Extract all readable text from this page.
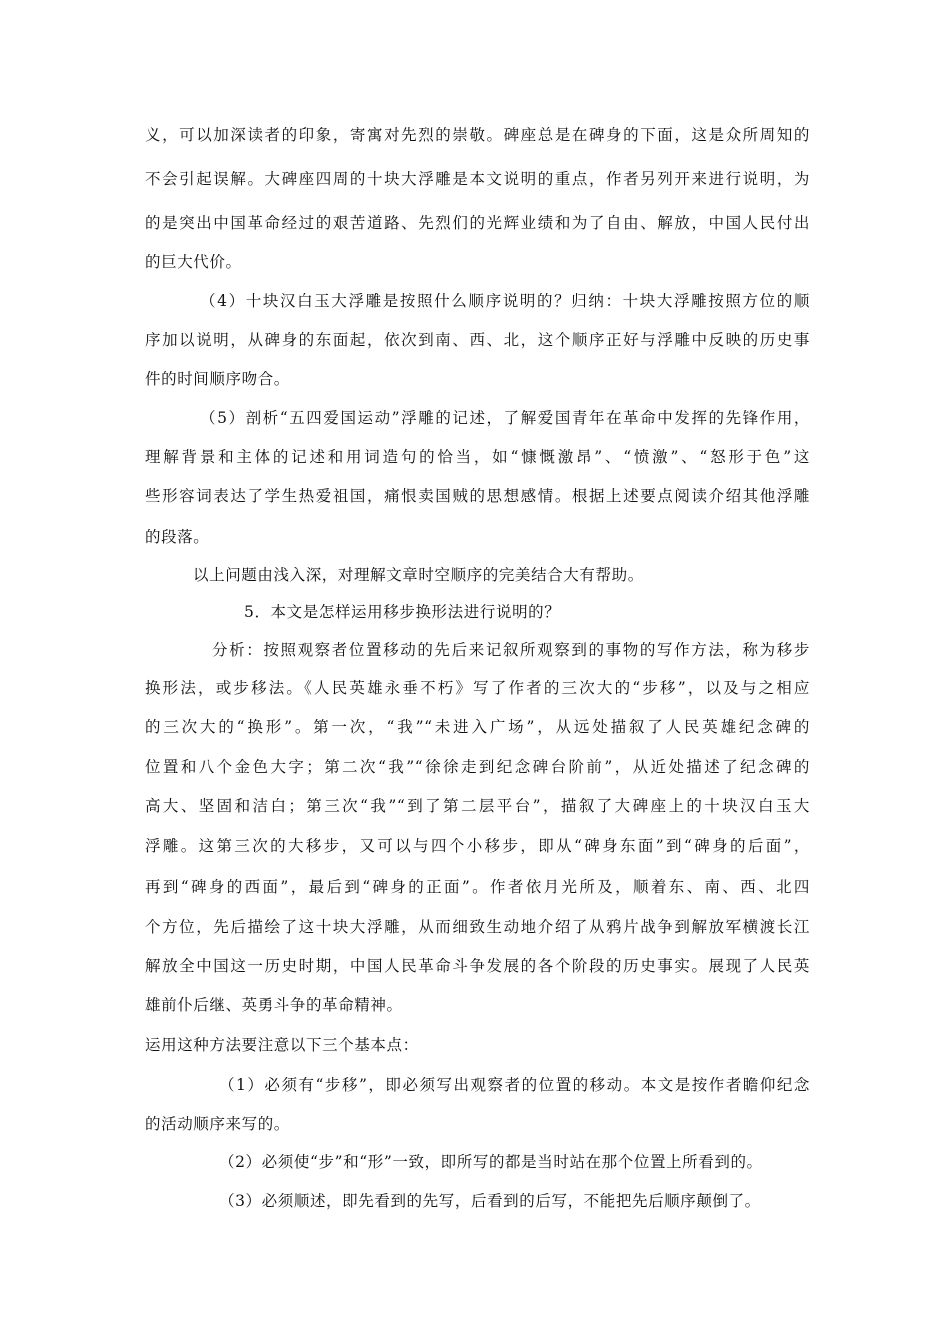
义，可以加深读者的印象，寄寓对先烈的崇敬。碑座总是在碑身的下面，这是众所周知的
不会引起误解。大碑座四周的十块大浮雕是本文说明的重点，作者另列开来进行说明，为
的是突出中国革命经过的艰苦道路、先烈们的光辉业绩和为了自由、解放，中国人民付出
的巨大代价。
（4）十块汉白玉大浮雕是按照什么顺序说明的？归纳：十块大浮雕按照方位的顺
序加以说明，从碑身的东面起，依次到南、西、北，这个顺序正好与浮雕中反映的历史事
件的时间顺序吻合。
（5）剖析“五四爱国运动”浮雕的记述，了解爱国青年在革命中发挥的先锋作用，
理解背景和主体的记述和用词造句的恰当，如“慷慨激昂”、“愤激”、“怒形于色”这
些形容词表达了学生热爱祖国，痛恨卖国贼的思想感情。根据上述要点阅读介绍其他浮雕
的段落。
以上问题由浅入深，对理解文章时空顺序的完美结合大有帮助。
5．本文是怎样运用移步换形法进行说明的？
分析：按照观察者位置移动的先后来记叙所观察到的事物的写作方法，称为移步
换形法，或步移法。《人民英雄永垂不朽》写了作者的三次大的“步移”，以及与之相应
的三次大的“换形”。第一次，“我”“未进入广场”，从远处描叙了人民英雄纪念碑的
位置和八个金色大字；第二次“我”“徐徐走到纪念碑台阶前”，从近处描述了纪念碑的
高大、坚固和洁白；第三次“我”“到了第二层平台”，描叙了大碑座上的十块汉白玉大
浮雕。这第三次的大移步，又可以与四个小移步，即从“碑身东面”到“碑身的后面”，
再到“碑身的西面”，最后到“碑身的正面”。作者依月光所及，顺着东、南、西、北四
个方位，先后描绘了这十块大浮雕，从而细致生动地介绍了从鸦片战争到解放军横渡长江
解放全中国这一历史时期，中国人民革命斗争发展的各个阶段的历史事实。展现了人民英
雄前仆后继、英勇斗争的革命精神。
运用这种方法要注意以下三个基本点：
（1）必须有“步移”，即必须写出观察者的位置的移动。本文是按作者瞻仰纪念
的活动顺序来写的。
（2）必须使“步”和“形”一致，即所写的都是当时站在那个位置上所看到的。
（3）必须顺述，即先看到的先写，后看到的后写，不能把先后顺序颠倒了。
